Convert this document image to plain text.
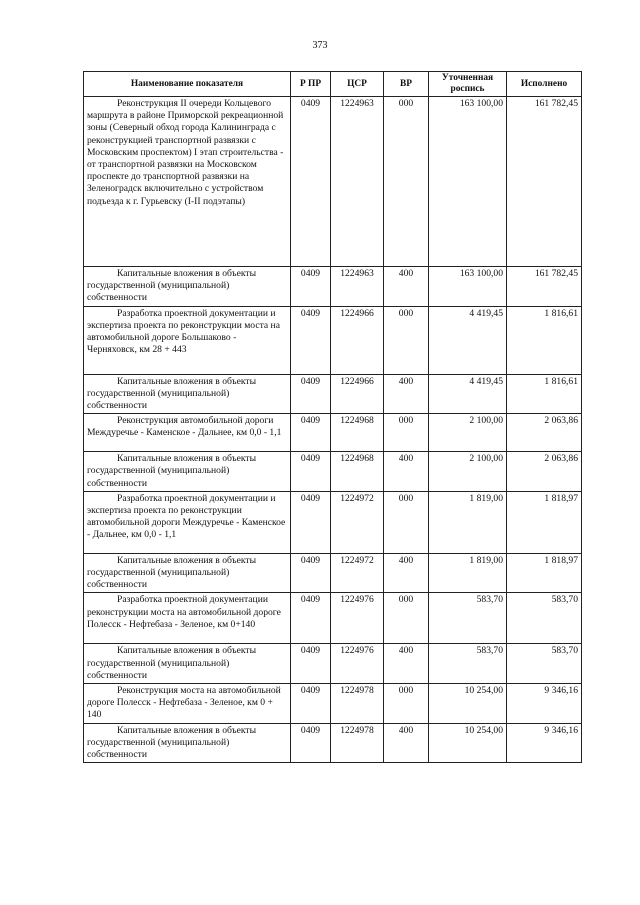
373
Наименование показателя	Р ПР	ЦСР	ВР	Уточненная роспись	Исполнено
Реконструкция II очереди Кольцевого маршрута в районе Приморской рекреационной зоны (Северный обход города Калининграда с реконструкцией транспортной развязки с Московским проспектом) I этап строительства - от транспортной развязки на Московском проспекте до транспортной развязки на Зеленоградск включительно с устройством подъезда к г. Гурьевску (I-II подэтапы)	0409	1224963	000	163 100,00	161 782,45
Капитальные вложения в объекты государственной (муниципальной) собственности	0409	1224963	400	163 100,00	161 782,45
Разработка проектной документации и экспертиза проекта по реконструкции моста на автомобильной дороге Большаково - Черняховск, км 28 + 443	0409	1224966	000	4 419,45	1 816,61
Капитальные вложения в объекты государственной (муниципальной) собственности	0409	1224966	400	4 419,45	1 816,61
Реконструкция автомобильной дороги Междуречье - Каменское - Дальнее, км 0,0 - 1,1	0409	1224968	000	2 100,00	2 063,86
Капитальные вложения в объекты государственной (муниципальной) собственности	0409	1224968	400	2 100,00	2 063,86
Разработка проектной документации и экспертиза проекта по реконструкции автомобильной дороги Междуречье - Каменское - Дальнее, км 0,0 - 1,1	0409	1224972	000	1 819,00	1 818,97
Капитальные вложения в объекты государственной (муниципальной) собственности	0409	1224972	400	1 819,00	1 818,97
Разработка проектной документации реконструкции моста на автомобильной дороге Полесск - Нефтебаза - Зеленое, км 0+140	0409	1224976	000	583,70	583,70
Капитальные вложения в объекты государственной (муниципальной) собственности	0409	1224976	400	583,70	583,70
Реконструкция моста на автомобильной дороге Полесск - Нефтебаза - Зеленое, км 0 + 140	0409	1224978	000	10 254,00	9 346,16
Капитальные вложения в объекты государственной (муниципальной) собственности	0409	1224978	400	10 254,00	9 346,16
